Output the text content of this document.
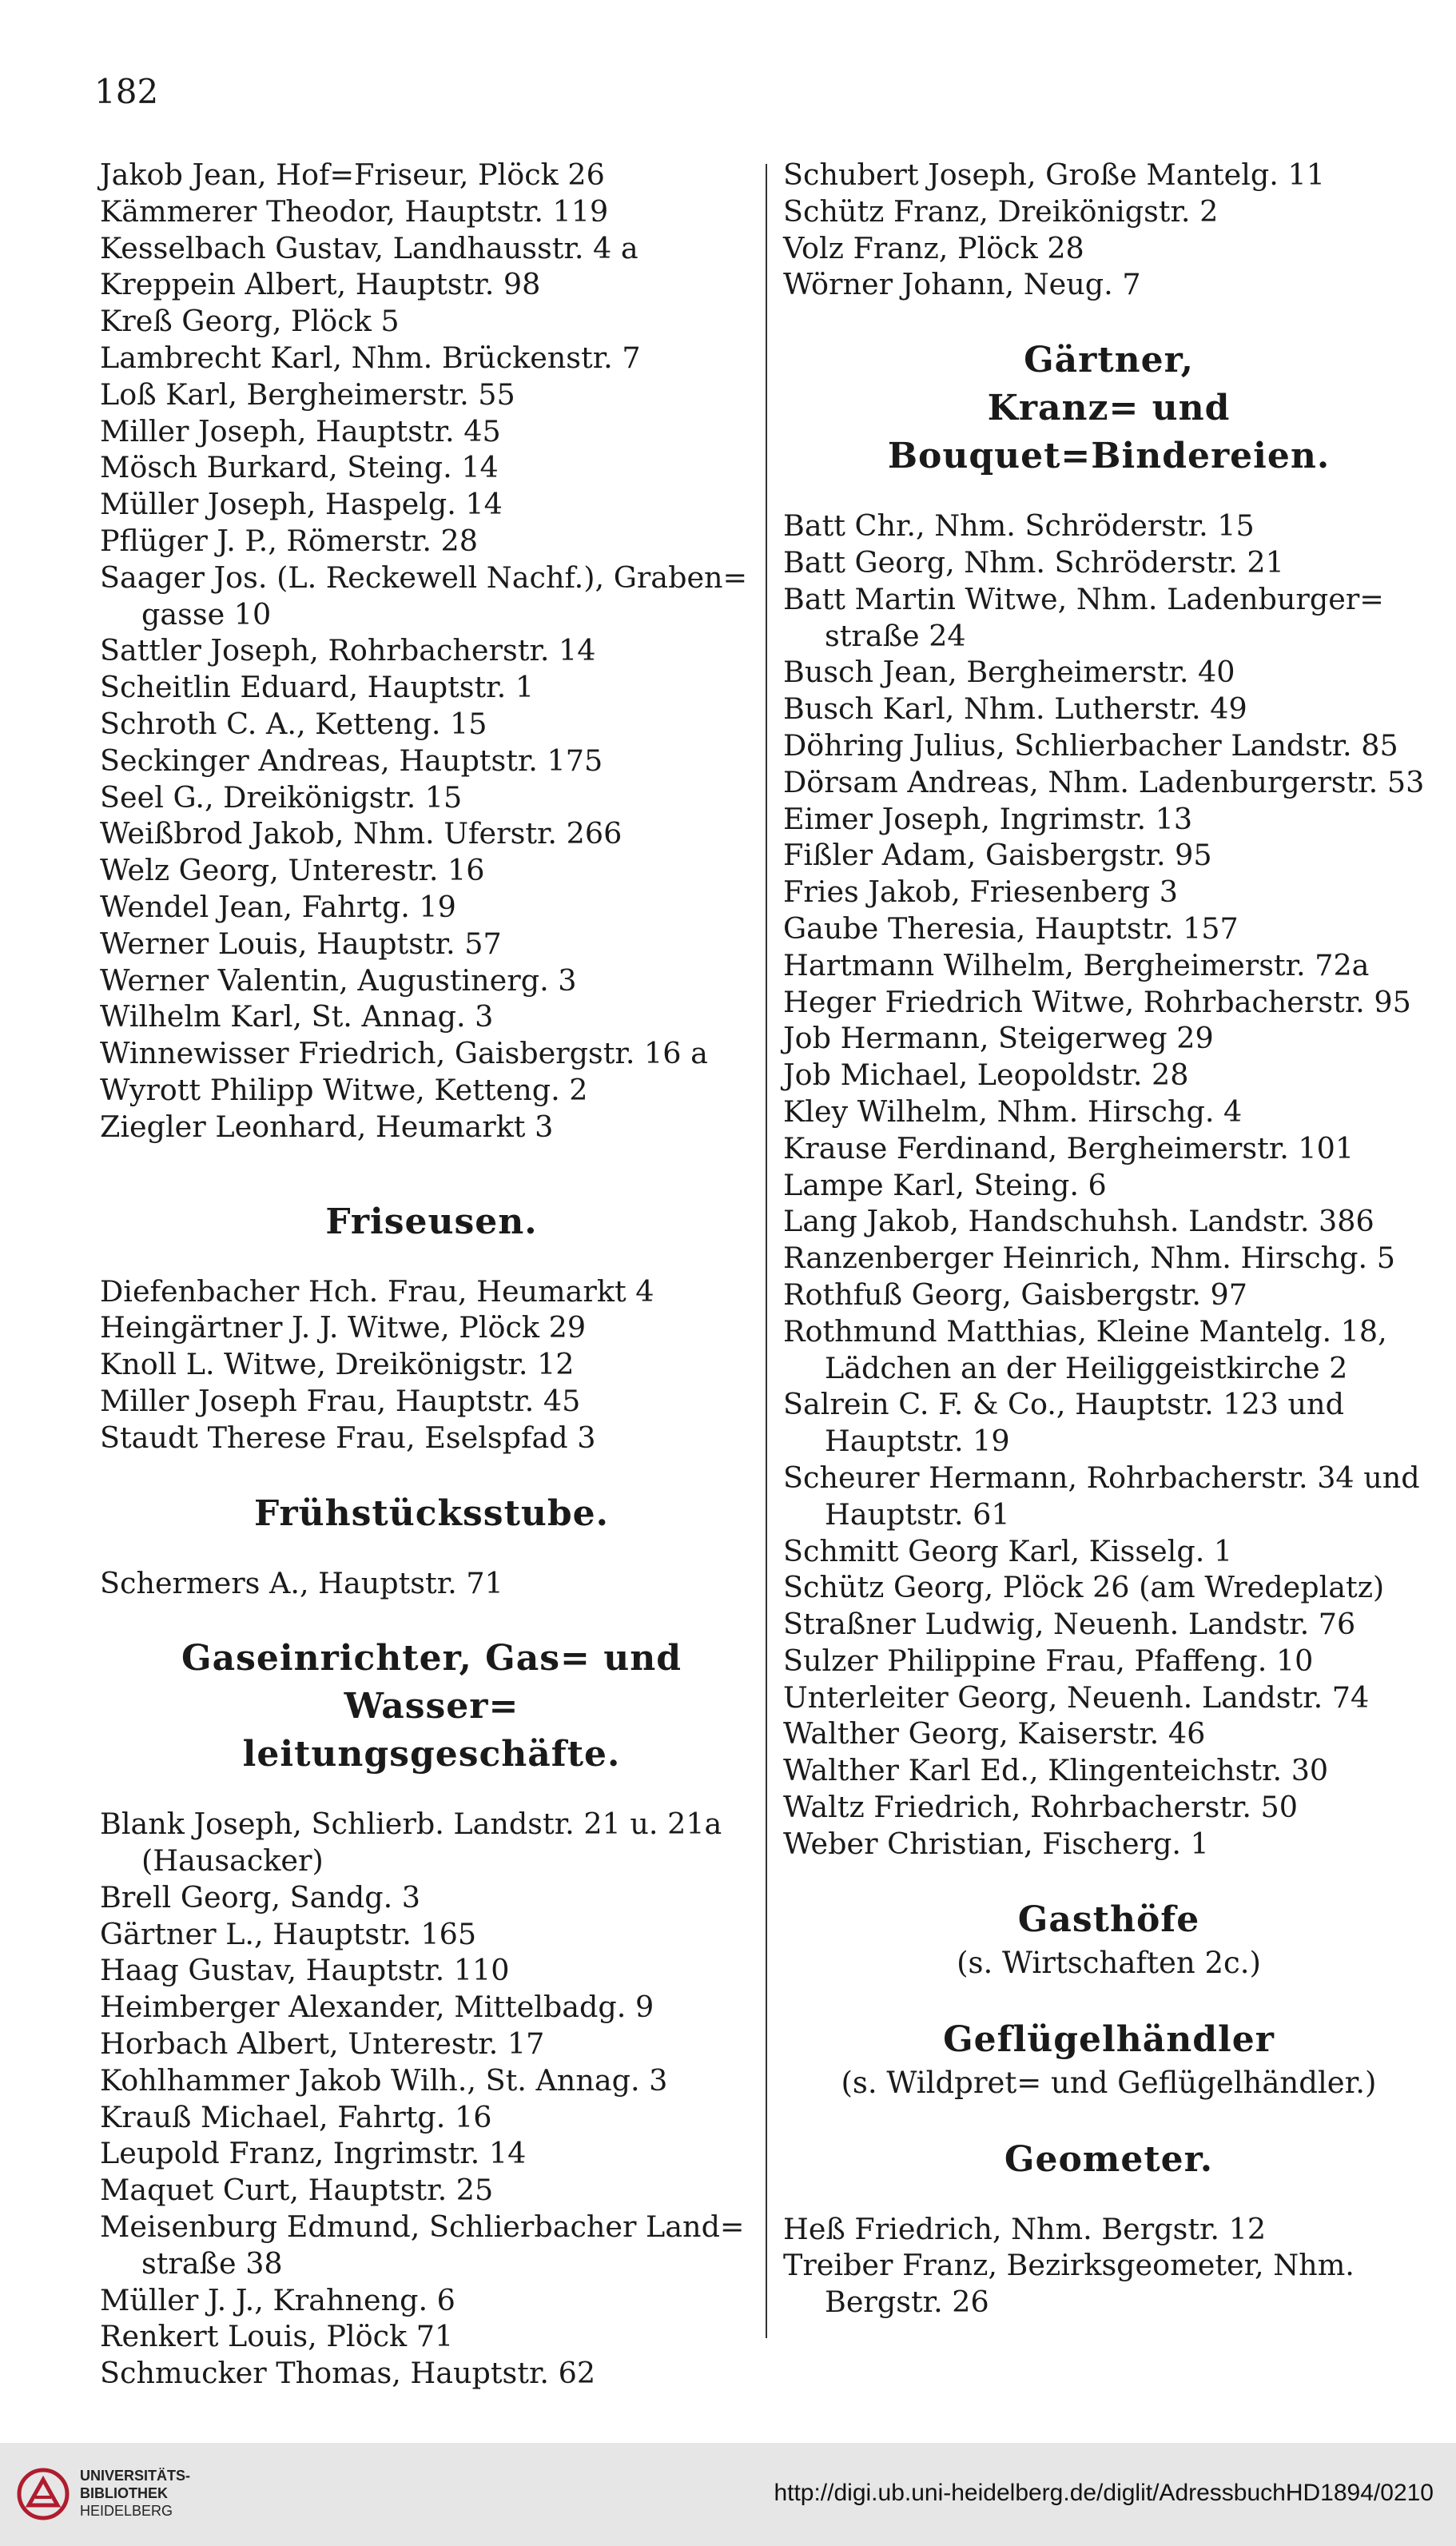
182
Jakob Jean, Hof=Friseur, Plöck 26
Kämmerer Theodor, Hauptstr. 119
Kesselbach Gustav, Landhausstr. 4 a
Kreppein Albert, Hauptstr. 98
Kreß Georg, Plöck 5
Lambrecht Karl, Nhm. Brückenstr. 7
Loß Karl, Bergheimerstr. 55
Miller Joseph, Hauptstr. 45
Mösch Burkard, Steing. 14
Müller Joseph, Haspelg. 14
Pflüger J. P., Römerstr. 28
Saager Jos. (L. Reckewell Nachf.), Graben=
gasse 10
Sattler Joseph, Rohrbacherstr. 14
Scheitlin Eduard, Hauptstr. 1
Schroth C. A., Ketteng. 15
Seckinger Andreas, Hauptstr. 175
Seel G., Dreikönigstr. 15
Weißbrod Jakob, Nhm. Uferstr. 266
Welz Georg, Unterestr. 16
Wendel Jean, Fahrtg. 19
Werner Louis, Hauptstr. 57
Werner Valentin, Augustinerg. 3
Wilhelm Karl, St. Annag. 3
Winnewisser Friedrich, Gaisbergstr. 16 a
Wyrott Philipp Witwe, Ketteng. 2
Ziegler Leonhard, Heumarkt 3
Friseusen.
Diefenbacher Hch. Frau, Heumarkt 4
Heingärtner J. J. Witwe, Plöck 29
Knoll L. Witwe, Dreikönigstr. 12
Miller Joseph Frau, Hauptstr. 45
Staudt Therese Frau, Eselspfad 3
Frühstücksstube.
Schermers A., Hauptstr. 71
Gaseinrichter, Gas= und Wasser=
leitungsgeschäfte.
Blank Joseph, Schlierb. Landstr. 21 u. 21a
(Hausacker)
Brell Georg, Sandg. 3
Gärtner L., Hauptstr. 165
Haag Gustav, Hauptstr. 110
Heimberger Alexander, Mittelbadg. 9
Horbach Albert, Unterestr. 17
Kohlhammer Jakob Wilh., St. Annag. 3
Krauß Michael, Fahrtg. 16
Leupold Franz, Ingrimstr. 14
Maquet Curt, Hauptstr. 25
Meisenburg Edmund, Schlierbacher Land=
straße 38
Müller J. J., Krahneng. 6
Renkert Louis, Plöck 71
Schmucker Thomas, Hauptstr. 62
Schubert Joseph, Große Mantelg. 11
Schütz Franz, Dreikönigstr. 2
Volz Franz, Plöck 28
Wörner Johann, Neug. 7
Gärtner,
Kranz= und Bouquet=Bindereien.
Batt Chr., Nhm. Schröderstr. 15
Batt Georg, Nhm. Schröderstr. 21
Batt Martin Witwe, Nhm. Ladenburger=
straße 24
Busch Jean, Bergheimerstr. 40
Busch Karl, Nhm. Lutherstr. 49
Döhring Julius, Schlierbacher Landstr. 85
Dörsam Andreas, Nhm. Ladenburgerstr. 53
Eimer Joseph, Ingrimstr. 13
Fißler Adam, Gaisbergstr. 95
Fries Jakob, Friesenberg 3
Gaube Theresia, Hauptstr. 157
Hartmann Wilhelm, Bergheimerstr. 72a
Heger Friedrich Witwe, Rohrbacherstr. 95
Job Hermann, Steigerweg 29
Job Michael, Leopoldstr. 28
Kley Wilhelm, Nhm. Hirschg. 4
Krause Ferdinand, Bergheimerstr. 101
Lampe Karl, Steing. 6
Lang Jakob, Handschuhsh. Landstr. 386
Ranzenberger Heinrich, Nhm. Hirschg. 5
Rothfuß Georg, Gaisbergstr. 97
Rothmund Matthias, Kleine Mantelg. 18,
Lädchen an der Heiliggeistkirche 2
Salrein C. F. & Co., Hauptstr. 123 und
Hauptstr. 19
Scheurer Hermann, Rohrbacherstr. 34 und
Hauptstr. 61
Schmitt Georg Karl, Kisselg. 1
Schütz Georg, Plöck 26 (am Wredeplatz)
Straßner Ludwig, Neuenh. Landstr. 76
Sulzer Philippine Frau, Pfaffeng. 10
Unterleiter Georg, Neuenh. Landstr. 74
Walther Georg, Kaiserstr. 46
Walther Karl Ed., Klingenteichstr. 30
Waltz Friedrich, Rohrbacherstr. 50
Weber Christian, Fischerg. 1
Gasthöfe
(s. Wirtschaften 2c.)
Geflügelhändler
(s. Wildpret= und Geflügelhändler.)
Geometer.
Heß Friedrich, Nhm. Bergstr. 12
Treiber Franz, Bezirksgeometer, Nhm.
Bergstr. 26
UNIVERSITÄTS-
BIBLIOTHEK
HEIDELBERG
http://digi.ub.uni-heidelberg.de/diglit/AdressbuchHD1894/0210
